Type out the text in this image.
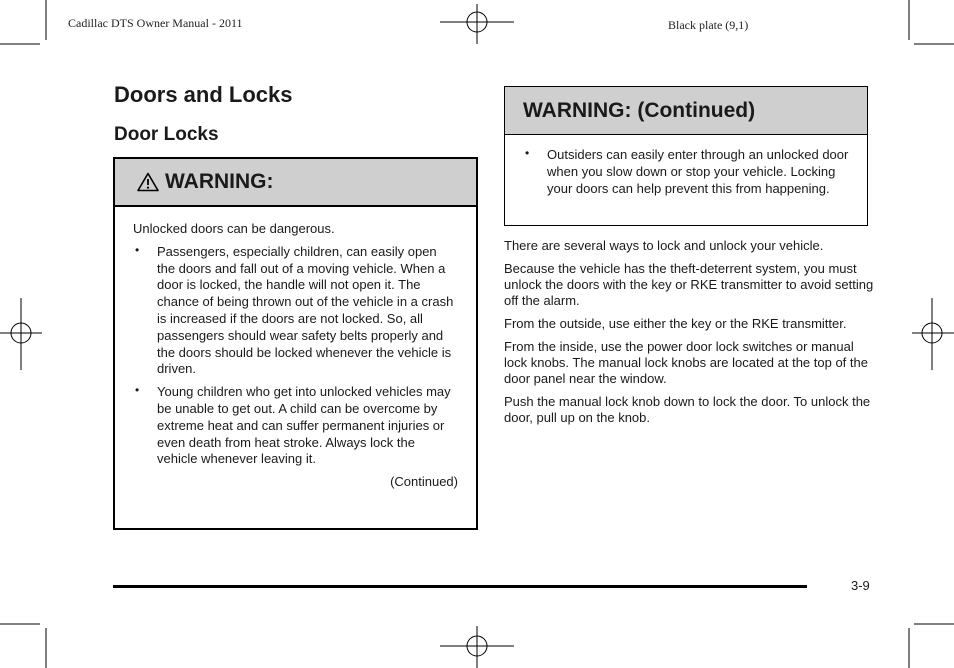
Cadillac DTS Owner Manual - 2011	Black plate (9,1)
Doors and Locks
Door Locks
WARNING:

Unlocked doors can be dangerous.

• Passengers, especially children, can easily open the doors and fall out of a moving vehicle. When a door is locked, the handle will not open it. The chance of being thrown out of the vehicle in a crash is increased if the doors are not locked. So, all passengers should wear safety belts properly and the doors should be locked whenever the vehicle is driven.
• Young children who get into unlocked vehicles may be unable to get out. A child can be overcome by extreme heat and can suffer permanent injuries or even death from heat stroke. Always lock the vehicle whenever leaving it.
(Continued)
WARNING: (Continued)
• Outsiders can easily enter through an unlocked door when you slow down or stop your vehicle. Locking your doors can help prevent this from happening.

There are several ways to lock and unlock your vehicle.

Because the vehicle has the theft-deterrent system, you must unlock the doors with the key or RKE transmitter to avoid setting off the alarm.

From the outside, use either the key or the RKE transmitter.

From the inside, use the power door lock switches or manual lock knobs. The manual lock knobs are located at the top of the door panel near the window.

Push the manual lock knob down to lock the door. To unlock the door, pull up on the knob.

3-9
